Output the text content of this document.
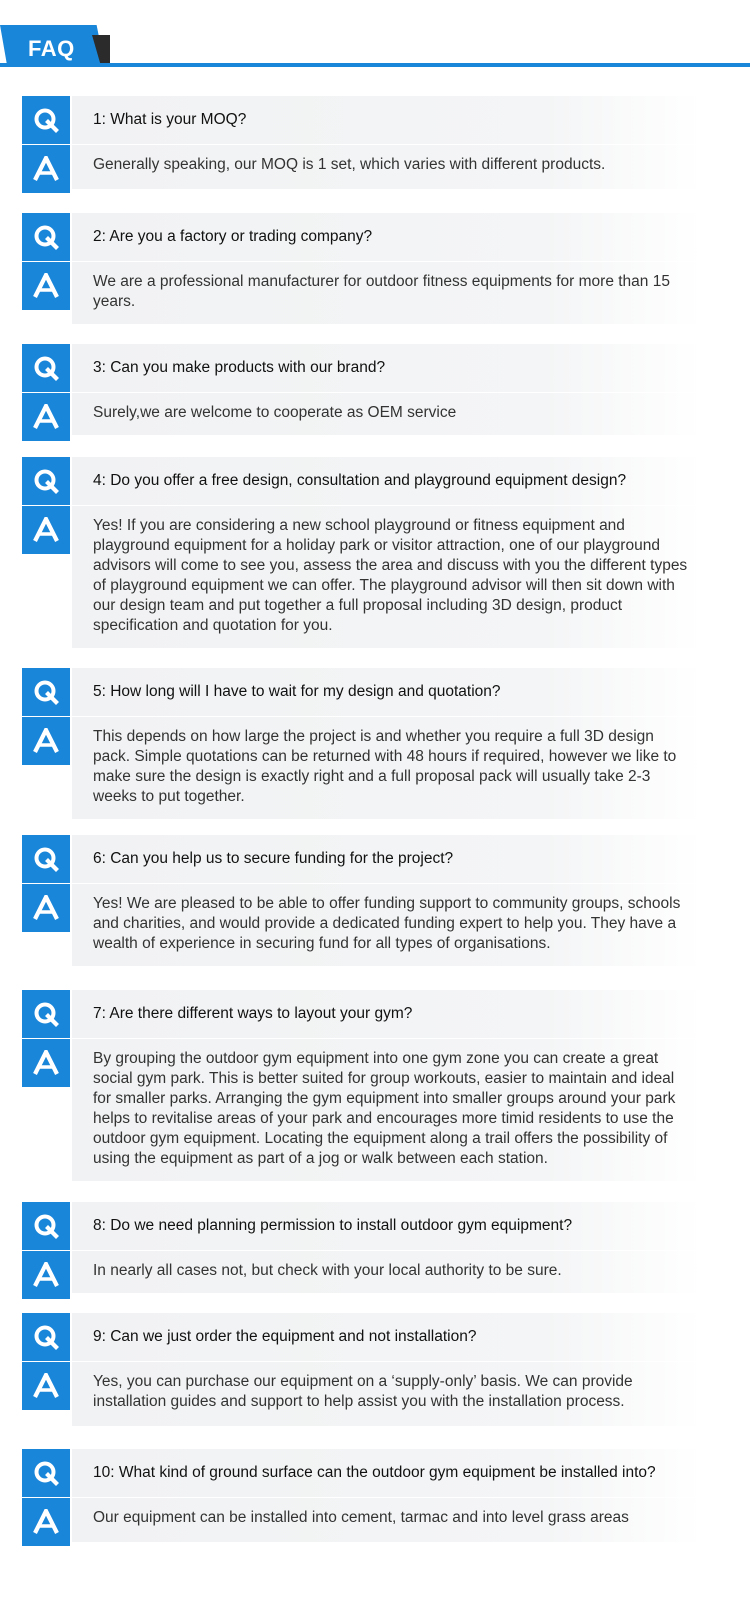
FAQ
1: What is your MOQ?
Generally speaking, our MOQ is 1 set, which varies with different products.
2: Are you a factory or trading company?
We are a professional manufacturer for outdoor fitness equipments for more than 15 years.
3: Can you make products with our brand?
Surely,we are welcome to cooperate as OEM service
4: Do you offer a free design, consultation and playground equipment design?
Yes! If you are considering a new school playground or fitness equipment and playground equipment for a holiday park or visitor attraction, one of our playground advisors will come to see you, assess the area and discuss with you the different types of playground equipment we can offer. The playground advisor will then sit down with our design team and put together a full proposal including 3D design, product specification and quotation for you.
5: How long will I have to wait for my design and quotation?
This depends on how large the project is and whether you require a full 3D design pack. Simple quotations can be returned with 48 hours if required, however we like to make sure the design is exactly right and a full proposal pack will usually take 2-3 weeks to put together.
6: Can you help us to secure funding for the project?
Yes! We are pleased to be able to offer funding support to community groups, schools and charities, and would provide a dedicated funding expert to help you. They have a wealth of experience in securing fund for all types of organisations.
7: Are there different ways to layout your gym?
By grouping the outdoor gym equipment into one gym zone you can create a great social gym park. This is better suited for group workouts, easier to maintain and ideal for smaller parks. Arranging the gym equipment into smaller groups around your park helps to revitalise areas of your park and encourages more timid residents to use the outdoor gym equipment. Locating the equipment along a trail offers the possibility of using the equipment as part of a jog or walk between each station.
8: Do we need planning permission to install outdoor gym equipment?
In nearly all cases not, but check with your local authority to be sure.
9: Can we just order the equipment and not installation?
Yes, you can purchase our equipment on a ‘supply-only’ basis. We can provide installation guides and support to help assist you with the installation process.
10: What kind of ground surface can the outdoor gym equipment be installed into?
Our equipment can be installed into cement, tarmac and into level grass areas
